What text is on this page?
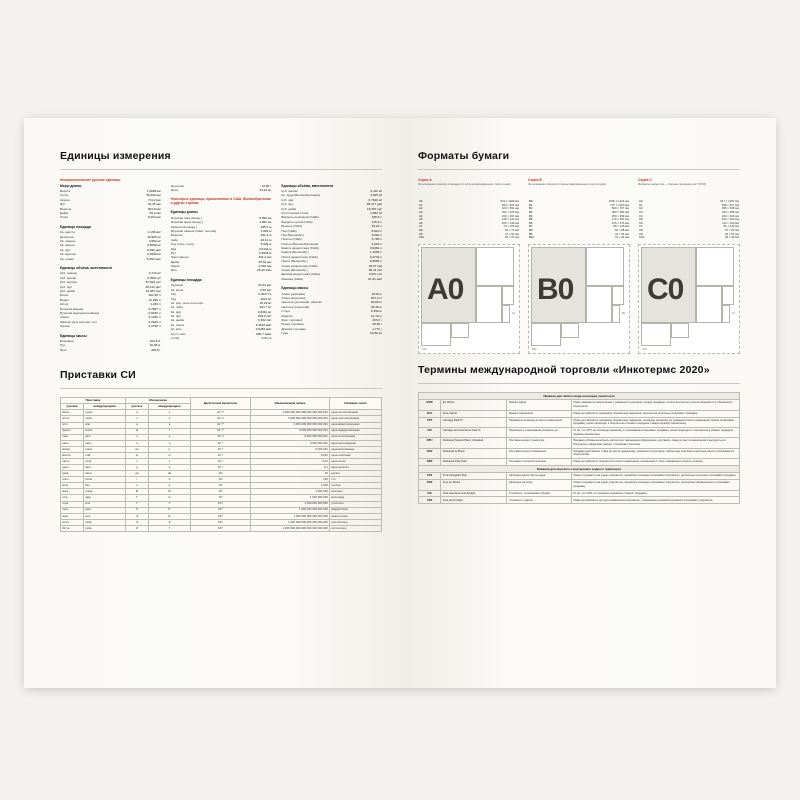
Единицы измерения
Немерологические русские единицы
Меры длины
Верста	1,0668 км
Сотка	35,336 мм
Аршин	711,2 мм
Фут	44,45 мм
Вершок	304,8 мм
Дюйм	25,4 мм
Точка	9,254 мм
Единицы площади
Кв. верста	1,138 км²
Десятина	10,925 м²
Кв. сажень	4,552 м²
Кв. аршин	0,5058 м²
Кв. фут	9,290 дм²
Кв. вершок	0,9290 м²
Кв. линия	6,452 мм²
Единицы объёма, вместимости
Куб. сажень	9,713 м³
Куб. аршин	0,3597 м³
Куб. вершок	87,824 см³
Куб. фут	28,316 дм³
Куб. дюйм	16,387 см³
Бочка	491,96 л
Ведро	12,299 л
Штоф	1,230 л
Бутылка винная	0,7687 л
Бутылка водочная (пивная)	0,6150 л
Чарка	0,1230 л
Шкалик (для сыпучих тел)	0,0615 л
Гарнец	3,2798 л
Единицы массы
Берковец	163,8 кг
Пуд	16,38 кг
Фунт	409,5 г
Золотник	12,80 г
Доля	44,43 мг
Некоторые единицы, применяемые в США, Великобритании и других странах
Единицы длины
Морская лига (межд.)	5,560 км
Морская миля (межд.)	1,852 км
Кабельтов (межд.)	185,2 м
Морская сажень (США, Англия)	1,829 м
Фарлонг	201,2 м
Чейн	20,12 м
Род (поль, перч)	5,029 м
Ярд	0,9144 м
Фут	0,3048 м
Линк (звено)	201,2 мм
Дюйм	25,40 мм
Линия	2,540 мм
Мил	25,40 мкм
Единицы площади
Тауншип	93,24 км²
Кв. миля	2,59 км²
Акр	0,4047 га
Руд	1012 м²
Кв. род, поль или перч	25,29 м²
Кв. чейн	404,7 м²
Кв. ярд	0,8361 м²
Кв. фут	929,0 см²
Кв. дюйм	6,452 см²
Кв. линия	6,4516 мм²
Кв. мил	0,6452 мм²
Кругл. мил	506,7 мкм²
Сотка	0,01 га
Единицы объёма, вместимости
Куб. фатом	6,116 м³
Кр. ярда (Великобритания)	3,625 м³
Куб. ярд	0,7646 м³
Куб. фут	28,317 дм³
Куб. дюйм	16,387 см³
Регистровая тонна	2,832 м³
Баррель нефтяной (США)	158,9 л
Баррель сухой (США)	115,6 л
Бушель (США)	35,24 л
Пек (США)	8,810 л
Пек (Великобр.)	9,092 л
Галлон (США)	3,785 л
Галлон (Великобритания)	4,546 л
Кварта жидкостная (США)	0,9464 л
Кварта (Великобр.)	1,1365 л
Пинта жидкостная (США)	0,4732 л
Пинта (Великобр.)	0,5683 л
Унция жидкостная (США)	29,57 см³
Унция (Великобр.)	28,41 см³
Драхма жидкостная (США)	3,697 см³
Минима (США)	61,61 мм³
Единицы массы
Тонна (длинная)	1016 кг
Тонна (короткая)	907,2 кг
Центнер (длинный), квинтал	50,80 кг
Центнер (короткий)	45,36 кг
Стоун	6,350 кг
Квартер	12,70 кг
Фунт торговый	453,6 г
Унция торговая	28,35 г
Драхма торговая	1,772 г
Гран	64,80 мг
Приставки СИ
Приставка		Обозначение		Десятичный множитель	Обыкновенная запись	Название числа
русская	международная	русское	международное			
йокто	yocto	и	y	10⁻²⁴	0,000 000 000 000 000 000 000 001	одна септиллионная
зепто	zepto	з	z	10⁻²¹	0,000 000 000 000 000 000 001	одна секстиллионная
атто	atto	а	a	10⁻¹⁸	0,000 000 000 000 000 001	одна квинтиллионная
фемто	femto	ф	f	10⁻¹⁵	0,000 000 000 000 001	одна квадриллионная
пико	pico	п	p	10⁻¹²	0,000 000 000 001	одна триллионная
нано	nano	н	n	10⁻⁹	0,000 000 001	одна миллиардная
микро	micro	мк	µ	10⁻⁶	0,000 001	одна миллионная
милли	milli	м	m	10⁻³	0,001	одна тысячная
санти	centi	с	c	10⁻²	0,01	одна сотая
деци	deci	д	d	10⁻¹	0,1	одна десятая
дека	deca	да	da	10¹	10	десять
гекто	hecto	г	h	10²	100	сто
кило	kilo	к	k	10³	1 000	тысяча
мега	mega	М	M	10⁶	1 000 000	миллион
гига	giga	Г	G	10⁹	1 000 000 000	миллиард
тера	tera	Т	T	10¹²	1 000 000 000 000	триллион
пета	peta	П	P	10¹⁵	1 000 000 000 000 000	квадриллион
экса	exa	Э	E	10¹⁸	1 000 000 000 000 000 000	квинтиллион
зетта	zetta	З	Z	10²¹	1 000 000 000 000 000 000 000	секстиллион
йотта	yotta	И	Y	10²⁴	1 000 000 000 000 000 000 000 000	септиллион
Форматы бумаги
Серия A
За основание принята площадь в 1 м² для максимального листа серии
A0	841 × 1189 мм
A1	594 × 841 мм
A2	420 × 594 мм
A3	297 × 420 мм
A4	210 × 297 мм
A5	148 × 210 мм
A6	105 × 148 мм
A7	74 × 105 мм
A8	52 × 74 мм
A9	37 × 52 мм
A10	26 × 37 мм
A0
A10
A1
Серия B
За основание принята стороны максимального листа серии
B0	1000 × 1414 мм
B1	707 × 1000 мм
B2	500 × 707 мм
B3	353 × 500 мм
B4	250 × 353 мм
B5	176 × 250 мм
B6	125 × 176 мм
B7	88 × 125 мм
B8	62 × 88 мм
B9	44 × 62 мм
B10	31 × 44 мм
B0
B10
B1
Серия C
Форматы конвертов — больше примерно на 7-8,5%)
C0	917 × 1297 мм
C1	648 × 917 мм
C2	458 × 648 мм
C3	324 × 458 мм
C4	229 × 324 мм
C5	162 × 229 мм
C6	114 × 162 мм
C7	81 × 114 мм
C8	57 × 81 мм
C9	40 × 57 мм
C10	28 × 40 мм
C0
C10
C1
Термины международной торговли «Инкотермс 2020»
Правила для любого вида или видов транспорта			
EXW	Ex Works	Франко завод	Товар забирается покупателем с указанного в договоре склада продавца, оплата экспортных пошлин вменяется в обязанность покупателю.
FCA	Free Carrier	Франко перевозчик	Товар доставляется основному перевозчику заказчика, экспортные пошлины уплачивает продавец.
CPT	Carriage Paid To	Перевозка оплачена до места назначения	Товар доставляется основному перевозчику заказчика, основную перевозку до указанного места назначения товара оплачивает продавец, риски переходят к покупателю в момент передачи товара первому перевозчику.
CIP	Carriage and Insurance Paid To	Перевозка и страхование оплачены до	То же, что CPT, но основную перевозку и страхование оплачивает продавец, риски переходят к покупателю в момент передачи первому перевозчику.
DPU	Delivered Named Place Unloaded	Поставка на место выгрузки	Продавец обязан выполнить экспортное таможенное оформление, доставить товар до места назначения и выгрузить его. Покупатель оформляет импорт, оплачивает пошлины.
DAP	Delivered at Place	Поставка в месте назначения	Продавец доставляет товар до места назначения, указанного в договоре, импортные пошлины и местные налоги оплачиваются покупателем.
DDP	Delivered Duty Paid	Поставка с оплатой пошлины	Товар доставляется покупателю в место назначения, очищенный от всех таможенных пошлин и рисков.
Правила для морского и внутреннего водного транспорта			
FAS	Free Alongside Ship	Свободно вдоль борта судна	Товар отгружается на судно покупателя, перевозку основную оплачивает покупатель, экспортные пошлины оплачивает продавец.
FOB	Free on Board	Свободно на борту	Товар отгружается на судно покупателя, перевозку основную оплачивает покупатель, экспортные формальности оплачивает продавец.
CIF	Cost Insurance and Freight	Стоимость, страхование и фрахт	То же, что CFR, но основную перевозку страхует продавец.
CFR	Cost and Freight	Стоимость и фрахт	Товар доставляется до порта назначения покупателя, страхование основной перевозки оплачивает покупатель.
